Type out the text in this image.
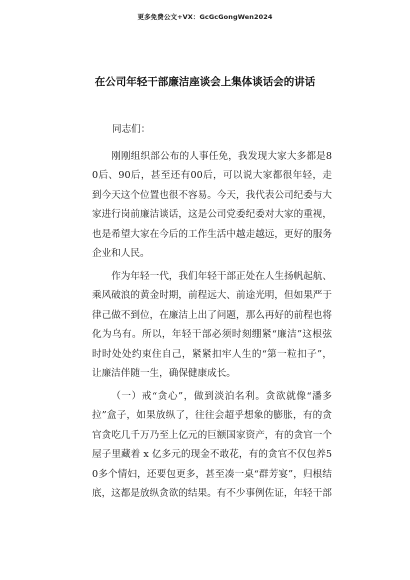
更多免费公文+VX：GcGcGongWen2024
在公司年轻干部廉洁座谈会上集体谈话会的讲话
同志们：

刚刚组织部公布的人事任免，我发现大家大多都是80后、90后，甚至还有00后，可以说大家都很年轻，走到今天这个位置也很不容易。今天，我代表公司纪委与大家进行岗前廉洁谈话，这是公司党委纪委对大家的重视，也是希望大家在今后的工作生活中越走越远，更好的服务企业和人民。

作为年轻一代，我们年轻干部正处在人生扬帆起航、乘风破浪的黄金时期，前程远大、前途光明，但如果严于律己做不到位，在廉洁上出了问题，那么再好的前程也将化为乌有。所以，年轻干部必须时刻绷紧“廉洁”这根弦时时处处约束住自己，紧紧扣牢人生的“第一粒扣子”，让廉洁伴随一生，确保健康成长。

（一）戒“贪心”，做到淡泊名利。贪欲就像“潘多拉”盒子，如果放纵了，往往会超乎想象的膨胀，有的贪官贪吃几千万乃至上亿元的巨额国家资产，有的贪官一个屋子里藏着 x 亿多元的现金不敢花，有的贪官不仅包养50多个情妇，还要包更多，甚至凑一桌“群芳宴”，归根结底，这都是放纵贪欲的结果。有不少事例佐证，年轻干部
